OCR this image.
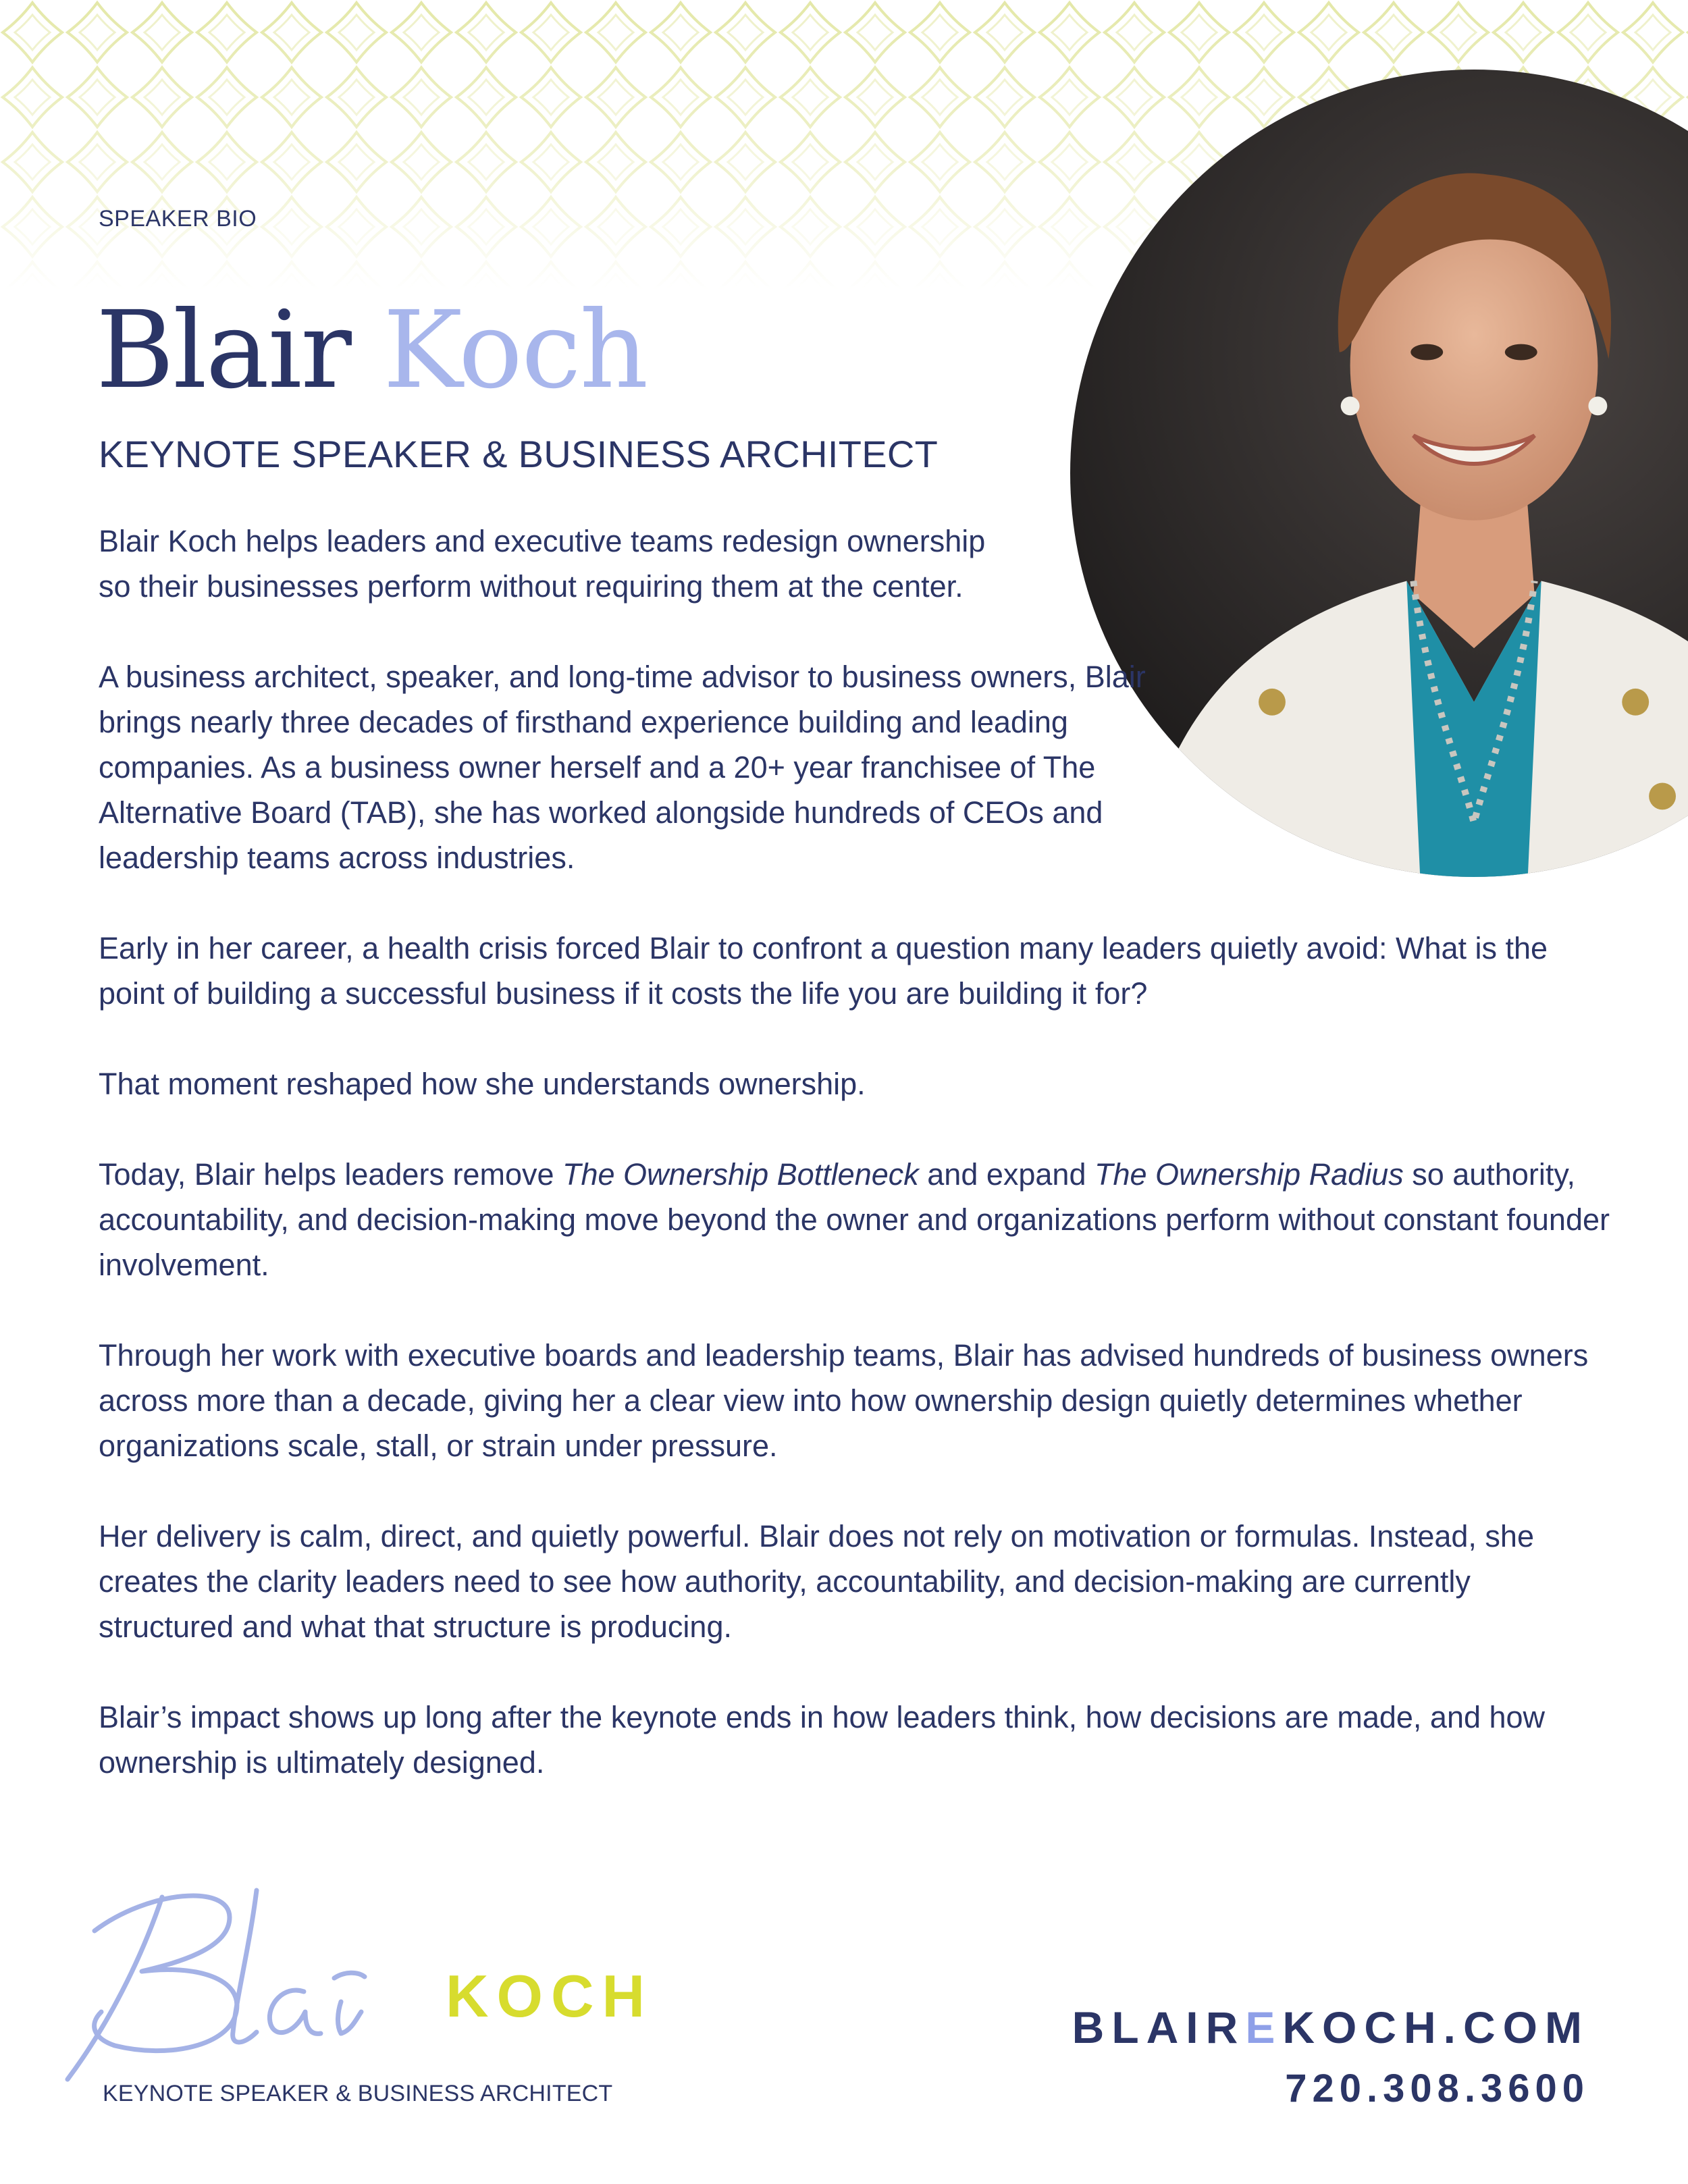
SPEAKER BIO
Blair Koch
KEYNOTE SPEAKER & BUSINESS ARCHITECT

Blair Koch helps leaders and executive teams redesign ownership so their businesses perform without requiring them at the center.

A business architect, speaker, and long-time advisor to business owners, Blair brings nearly three decades of firsthand experience building and leading companies. As a business owner herself and a 20+ year franchisee of The Alternative Board (TAB), she has worked alongside hundreds of CEOs and leadership teams across industries.

Early in her career, a health crisis forced Blair to confront a question many leaders quietly avoid: What is the point of building a successful business if it costs the life you are building it for?

That moment reshaped how she understands ownership.

Today, Blair helps leaders remove The Ownership Bottleneck and expand The Ownership Radius so authority, accountability, and decision-making move beyond the owner and organizations perform without constant founder involvement.

Through her work with executive boards and leadership teams, Blair has advised hundreds of business owners across more than a decade, giving her a clear view into how ownership design quietly determines whether organizations scale, stall, or strain under pressure.

Her delivery is calm, direct, and quietly powerful. Blair does not rely on motivation or formulas. Instead, she creates the clarity leaders need to see how authority, accountability, and decision-making are currently structured and what that structure is producing.

Blair’s impact shows up long after the keynote ends in how leaders think, how decisions are made, and how ownership is ultimately designed.

KOCH
KEYNOTE SPEAKER & BUSINESS ARCHITECT
BLAIREKOCH.COM
720.308.3600
